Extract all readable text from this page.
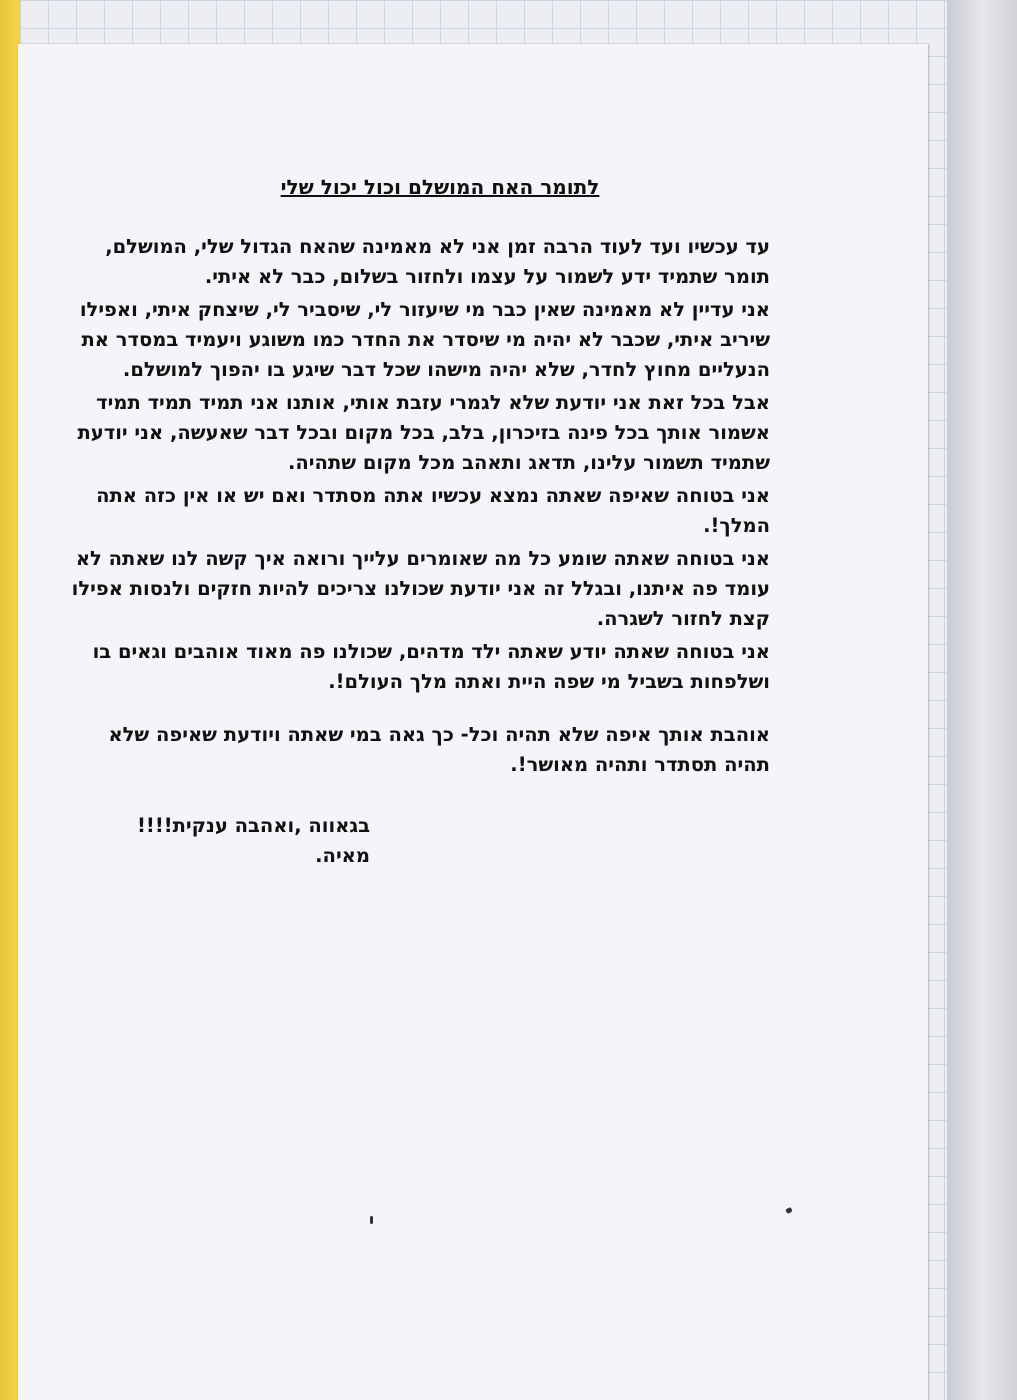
לתומר האח המושלם וכול יכול שלי

עד עכשיו ועד לעוד הרבה זמן אני לא מאמינה שהאח הגדול שלי, המושלם, תומר שתמיד ידע לשמור על עצמו ולחזור בשלום, כבר לא איתי.

אני עדיין לא מאמינה שאין כבר מי שיעזור לי, שיסביר לי, שיצחק איתי, ואפילו שיריב איתי, שכבר לא יהיה מי שיסדר את החדר כמו משוגע ויעמיד במסדר את הנעליים מחוץ לחדר, שלא יהיה מישהו שכל דבר שיגע בו יהפוך למושלם.

אבל בכל זאת אני יודעת שלא לגמרי עזבת אותי, אותנו אני תמיד תמיד תמיד אשמור אותך בכל פינה בזיכרון, בלב, בכל מקום ובכל דבר שאעשה, אני יודעת שתמיד תשמור עלינו, תדאג ותאהב מכל מקום שתהיה.

אני בטוחה שאיפה שאתה נמצא עכשיו אתה מסתדר ואם יש או אין כזה אתה המלך!.

אני בטוחה שאתה שומע כל מה שאומרים עלייך ורואה איך קשה לנו שאתה לא עומד פה איתנו, ובגלל זה אני יודעת שכולנו צריכים להיות חזקים ולנסות אפילו קצת לחזור לשגרה.

אני בטוחה שאתה יודע שאתה ילד מדהים, שכולנו פה מאוד אוהבים וגאים בו ושלפחות בשביל מי שפה היית ואתה מלך העולם!.

אוהבת אותך איפה שלא תהיה וכל- כך גאה במי שאתה ויודעת שאיפה שלא תהיה תסתדר ותהיה מאושר!.

בגאווה ,ואהבה ענקית!!!!

מאיה.
